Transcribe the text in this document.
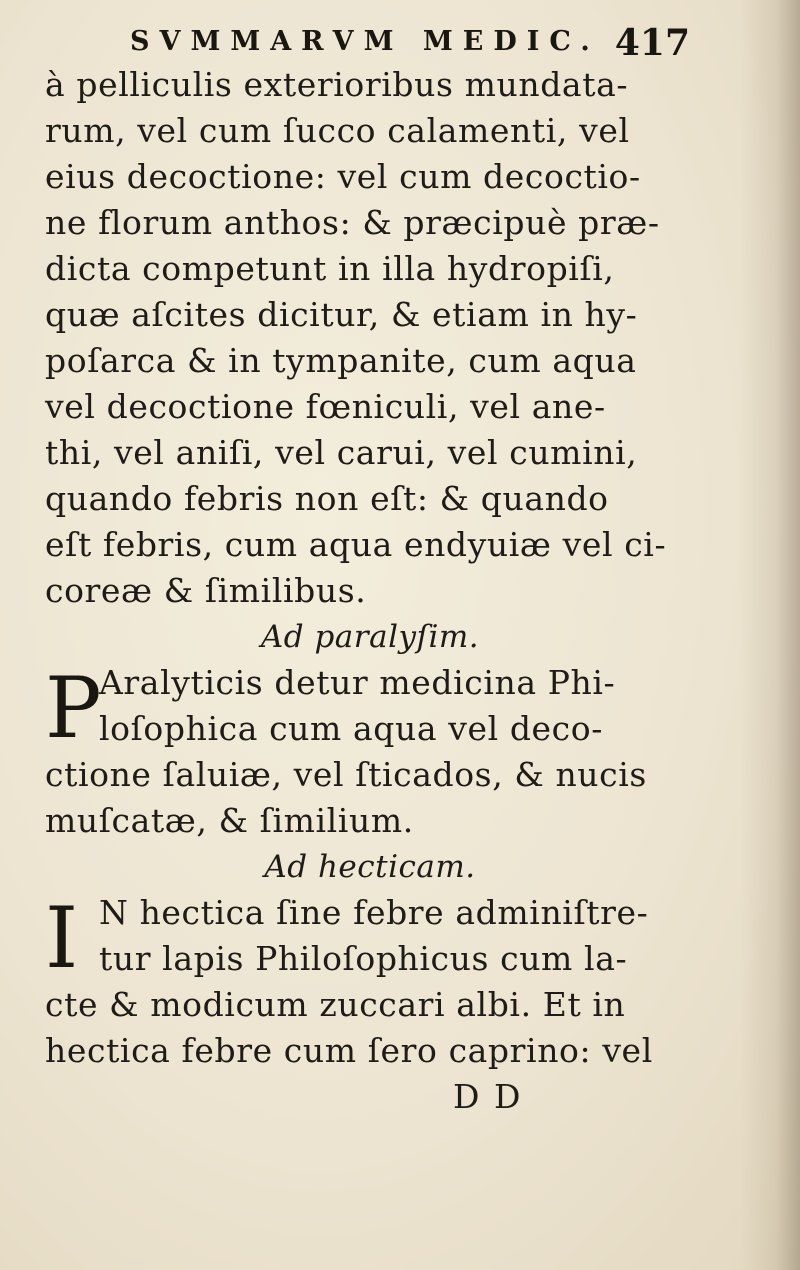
SVMMARVM MEDIC. 417
à pelliculis exterioribus mundata-
rum, vel cum ſucco calamenti, vel
eius decoctione: vel cum decoctio-
ne florum anthos: & præcipuè præ-
dicta competunt in illa hydropiſi,
quæ aſcites dicitur, & etiam in hy-
poſarca & in tympanite, cum aqua
vel decoctione fœniculi, vel ane-
thi, vel aniſi, vel carui, vel cumini,
quando febris non eſt: & quando
eſt febris, cum aqua endyuiæ vel ci-
coreæ & ſimilibus.
Ad paralyſim.
P
Aralyticis detur medicina Phi-
loſophica cum aqua vel deco-
ctione ſaluiæ, vel ſticados, & nucis
muſcatæ, & ſimilium.
Ad hecticam.
I N hectica ſine febre adminiſtre-
tur lapis Philoſophicus cum la-
cte & modicum zuccari albi. Et in
hectica febre cum ſero caprino: vel
D D
